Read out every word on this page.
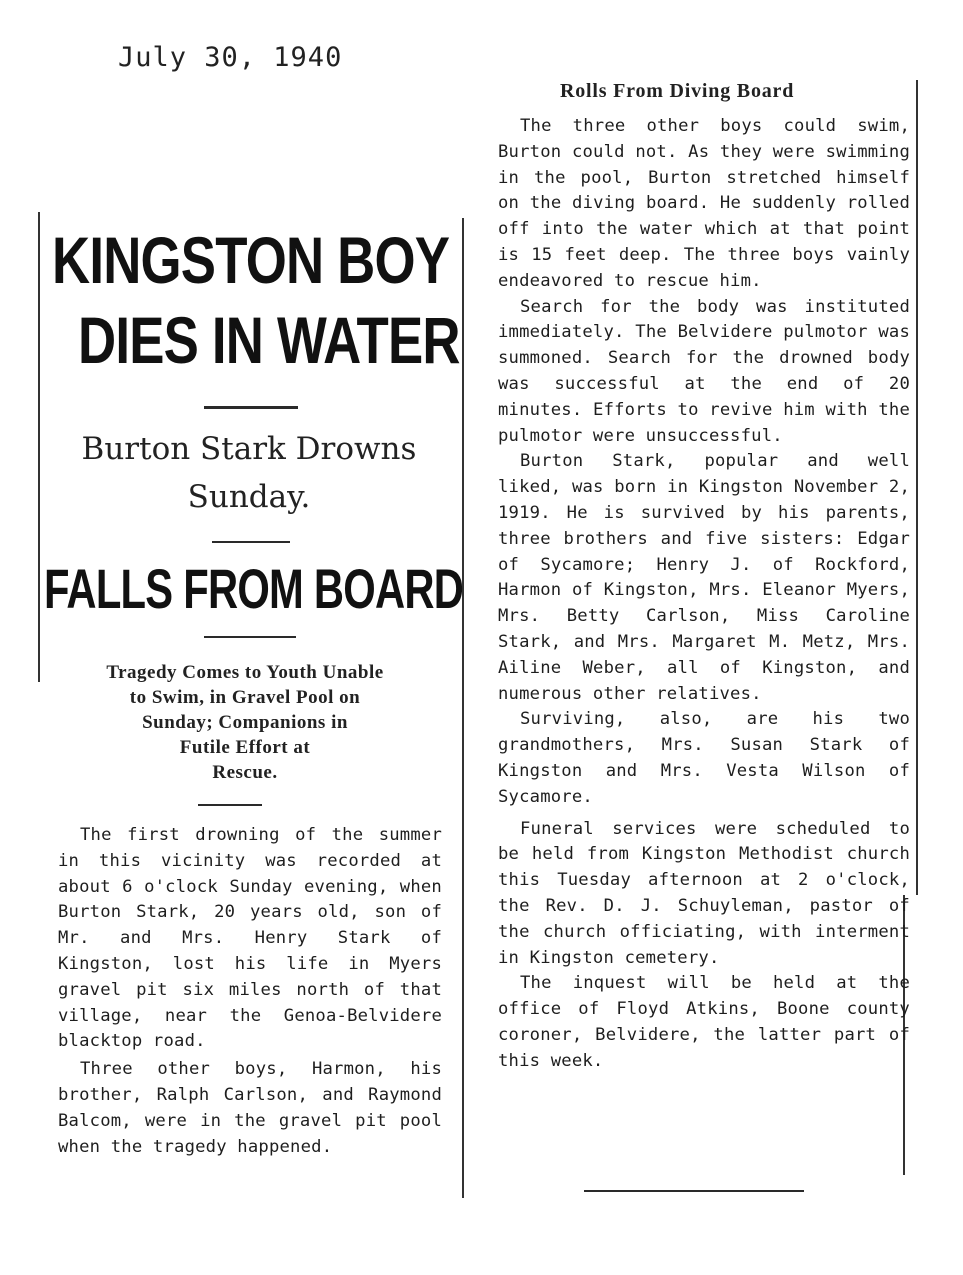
July 30, 1940
KINGSTON BOY
DIES IN WATER
Burton Stark Drowns
Sunday.
FALLS FROM BOARD
Tragedy Comes to Youth Unable
to Swim, in Gravel Pool on
Sunday; Companions in
Futile Effort at
Rescue.

The first drowning of the summer in this vicinity was recorded at about 6 o'clock Sunday evening, when Burton Stark, 20 years old, son of Mr. and Mrs. Henry Stark of Kingston, lost his life in Myers gravel pit six miles north of that village, near the Genoa-Belvidere blacktop road.

Three other boys, Harmon, his brother, Ralph Carlson, and Raymond Balcom, were in the gravel pit pool when the tragedy happened.

Rolls From Diving Board

The three other boys could swim, Burton could not. As they were swimming in the pool, Burton stretched himself on the diving board. He suddenly rolled off into the water which at that point is 15 feet deep. The three boys vainly endeavored to rescue him.

Search for the body was instituted immediately. The Belvidere pulmotor was summoned. Search for the drowned body was successful at the end of 20 minutes. Efforts to revive him with the pulmotor were unsuccessful.

Burton Stark, popular and well liked, was born in Kingston November 2, 1919. He is survived by his parents, three brothers and five sisters: Edgar of Sycamore; Henry J. of Rockford, Harmon of Kingston, Mrs. Eleanor Myers, Mrs. Betty Carlson, Miss Caroline Stark, and Mrs. Margaret M. Metz, Mrs. Ailine Weber, all of Kingston, and numerous other relatives.

Surviving, also, are his two grandmothers, Mrs. Susan Stark of Kingston and Mrs. Vesta Wilson of Sycamore.

Funeral services were scheduled to be held from Kingston Methodist church this Tuesday afternoon at 2 o'clock, the Rev. D. J. Schuyleman, pastor of the church officiating, with interment in Kingston cemetery.

The inquest will be held at the office of Floyd Atkins, Boone county coroner, Belvidere, the latter part of this week.
